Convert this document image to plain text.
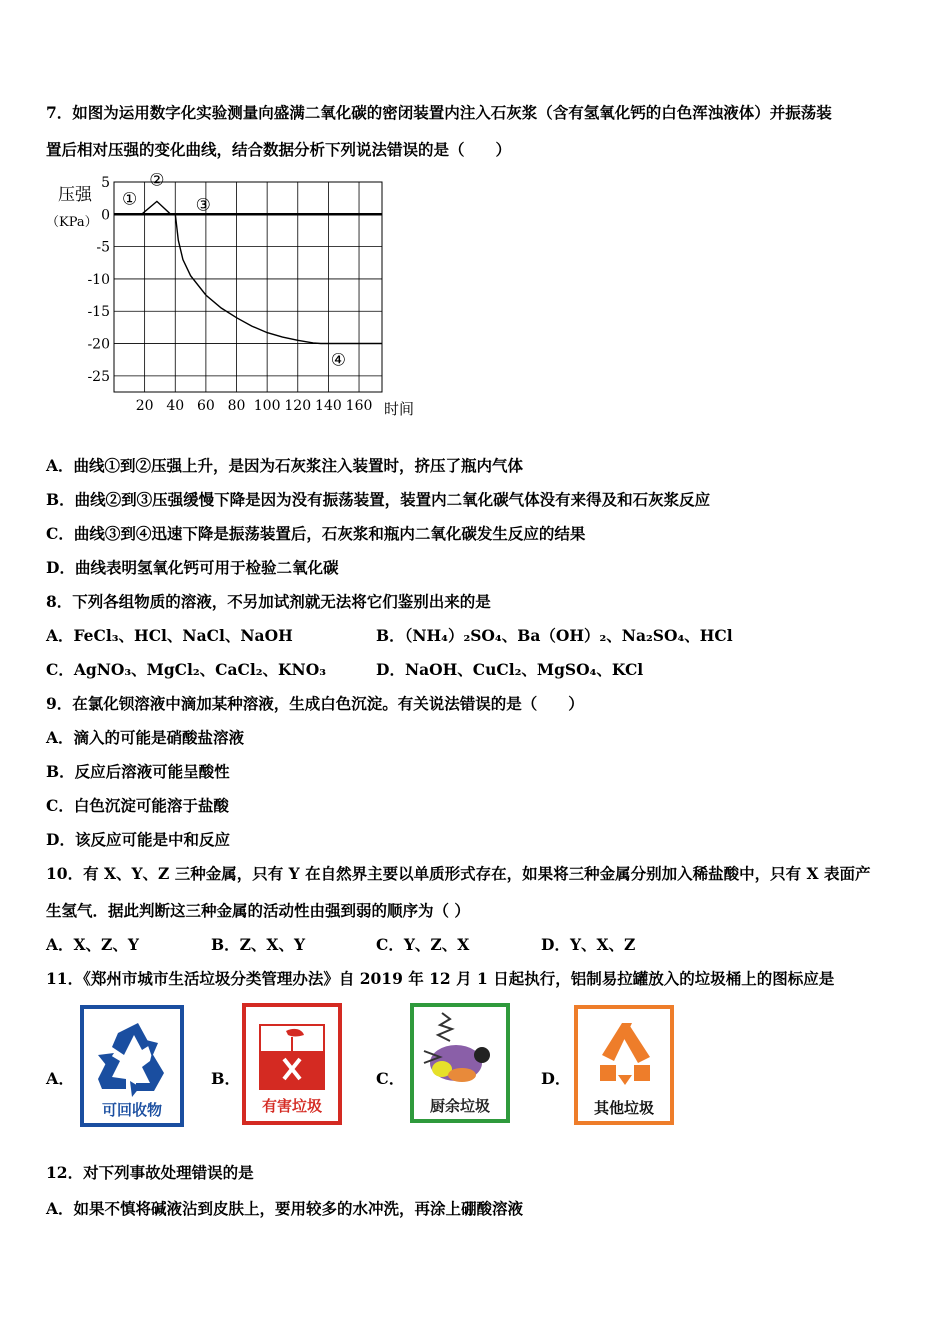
7．如图为运用数字化实验测量向盛满二氧化碳的密闭装置内注入石灰浆（含有氢氧化钙的白色浑浊液体）并振荡装
置后相对压强的变化曲线，结合数据分析下列说法错误的是（　　）
20 40 60 80 100 120 140 160
5
0
-5
-10
-15
-20
-25
压强
（KPa）
时间
①
②
③
④
A．曲线①到②压强上升，是因为石灰浆注入装置时，挤压了瓶内气体
B．曲线②到③压强缓慢下降是因为没有振荡装置，装置内二氧化碳气体没有来得及和石灰浆反应
C．曲线③到④迅速下降是振荡装置后，石灰浆和瓶内二氧化碳发生反应的结果
D．曲线表明氢氧化钙可用于检验二氧化碳
8．下列各组物质的溶液，不另加试剂就无法将它们鉴别出来的是
A．FeCl₃、HCl、NaCl、NaOH	B．（NH₄）₂SO₄、Ba（OH）₂、Na₂SO₄、HCl
C．AgNO₃、MgCl₂、CaCl₂、KNO₃	D．NaOH、CuCl₂、MgSO₄、KCl
9．在氯化钡溶液中滴加某种溶液，生成白色沉淀。有关说法错误的是（　　）
A．滴入的可能是硝酸盐溶液
B．反应后溶液可能呈酸性
C．白色沉淀可能溶于盐酸
D．该反应可能是中和反应
10．有 X、Y、Z 三种金属，只有 Y 在自然界主要以单质形式存在，如果将三种金属分别加入稀盐酸中，只有 X 表面产
生氢气．据此判断这三种金属的活动性由强到弱的顺序为（ ）
A．X、Z、Y	B．Z、X、Y	C．Y、Z、X	D．Y、X、Z
11．《郑州市城市生活垃圾分类管理办法》自 2019 年 12 月 1 日起执行，铝制易拉罐放入的垃圾桶上的图标应是
A．
可回收物
B．
有害垃圾
C．
厨余垃圾
D．
其他垃圾
12．对下列事故处理错误的是
A．如果不慎将碱液沾到皮肤上，要用较多的水冲洗，再涂上硼酸溶液
